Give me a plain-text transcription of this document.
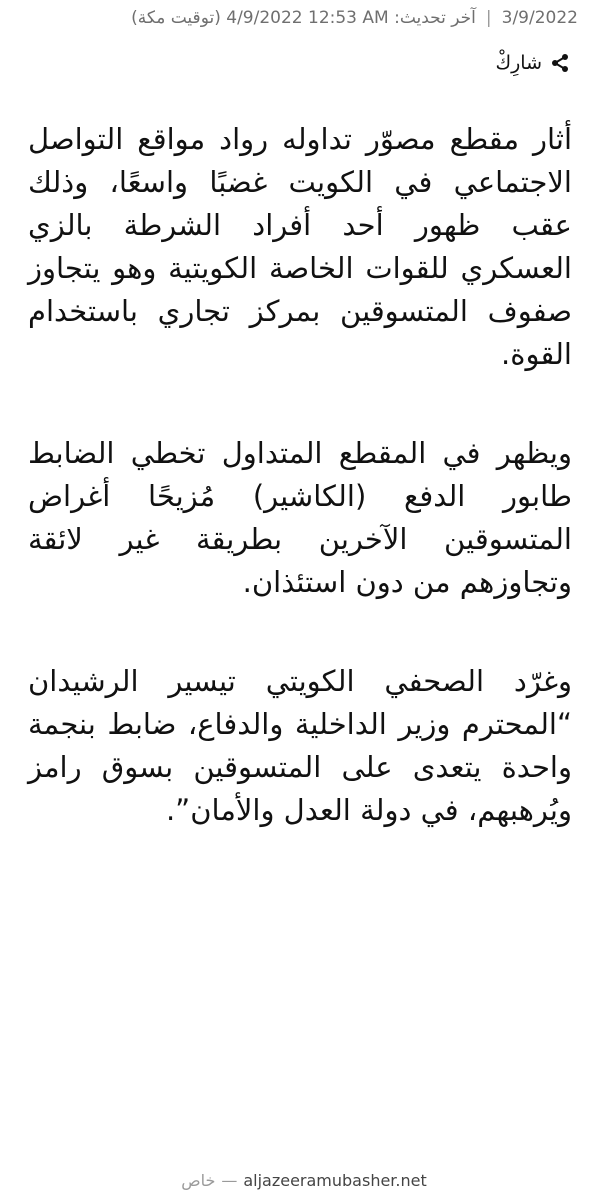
3/9/2022
|
آخر تحديث:

4/9/2022 12:53 AM

(توقيت مكة)
شارِكْ

أثار مقطع مصوّر تداوله رواد مواقع التواصل الاجتماعي في الكويت غضبًا واسعًا، وذلك عقب ظهور أحد أفراد الشرطة بالزي العسكري للقوات الخاصة الكويتية وهو يتجاوز صفوف المتسوقين بمركز تجاري باستخدام القوة.

ويظهر في المقطع المتداول تخطي الضابط طابور الدفع (الكاشير) مُزيحًا أغراض المتسوقين الآخرين بطريقة غير لائقة وتجاوزهم من دون استئذان.

وغرّد الصحفي الكويتي تيسير الرشيدان “المحترم وزير الداخلية والدفاع، ضابط بنجمة واحدة يتعدى على المتسوقين بسوق رامز ويُرهبهم، في دولة العدل والأمان”.

خاص — aljazeeramubasher.net
